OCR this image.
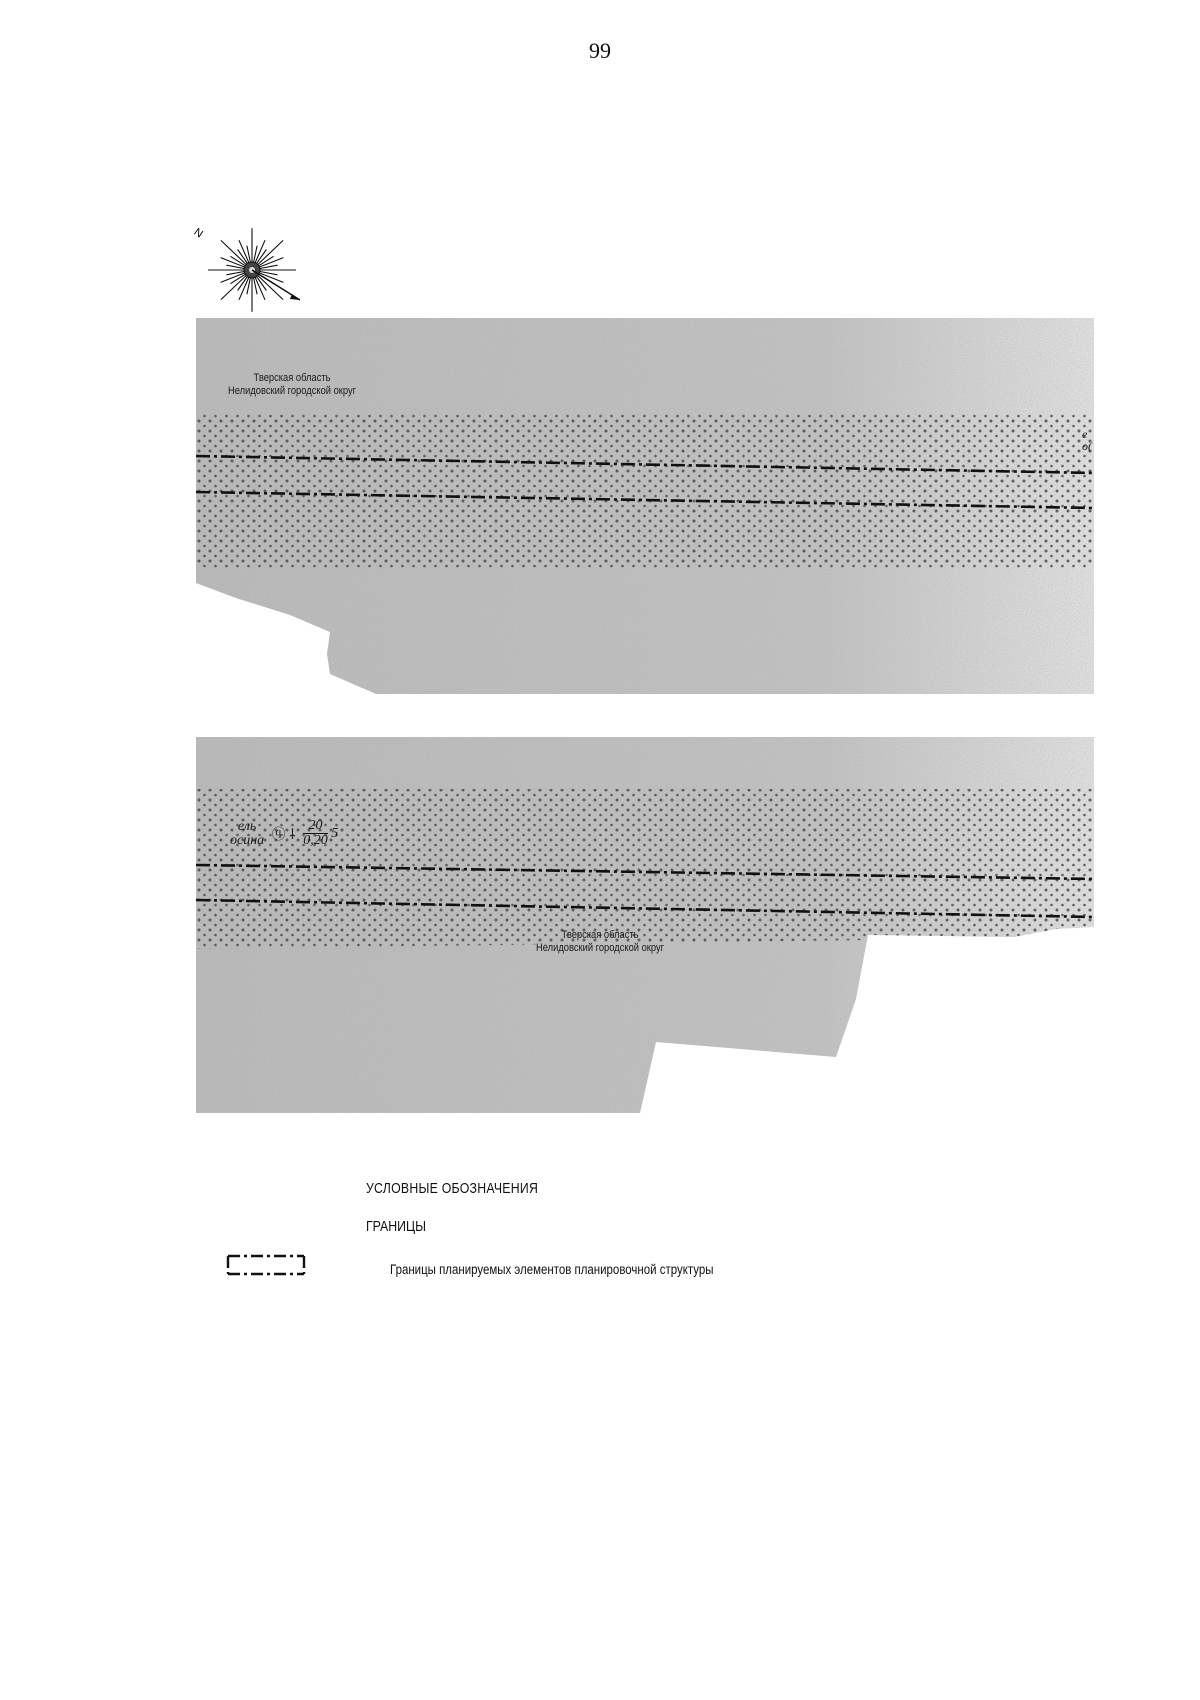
99
N
Тверская область
Нелидовский городской округ
е
о(
ель
осина ⓠ ⸸ $\frac{20}{0,20} 5$
Тверская область
Нелидовский городской округ
УСЛОВНЫЕ ОБОЗНАЧЕНИЯ
ГРАНИЦЫ
Границы планируемых элементов планировочной структуры
